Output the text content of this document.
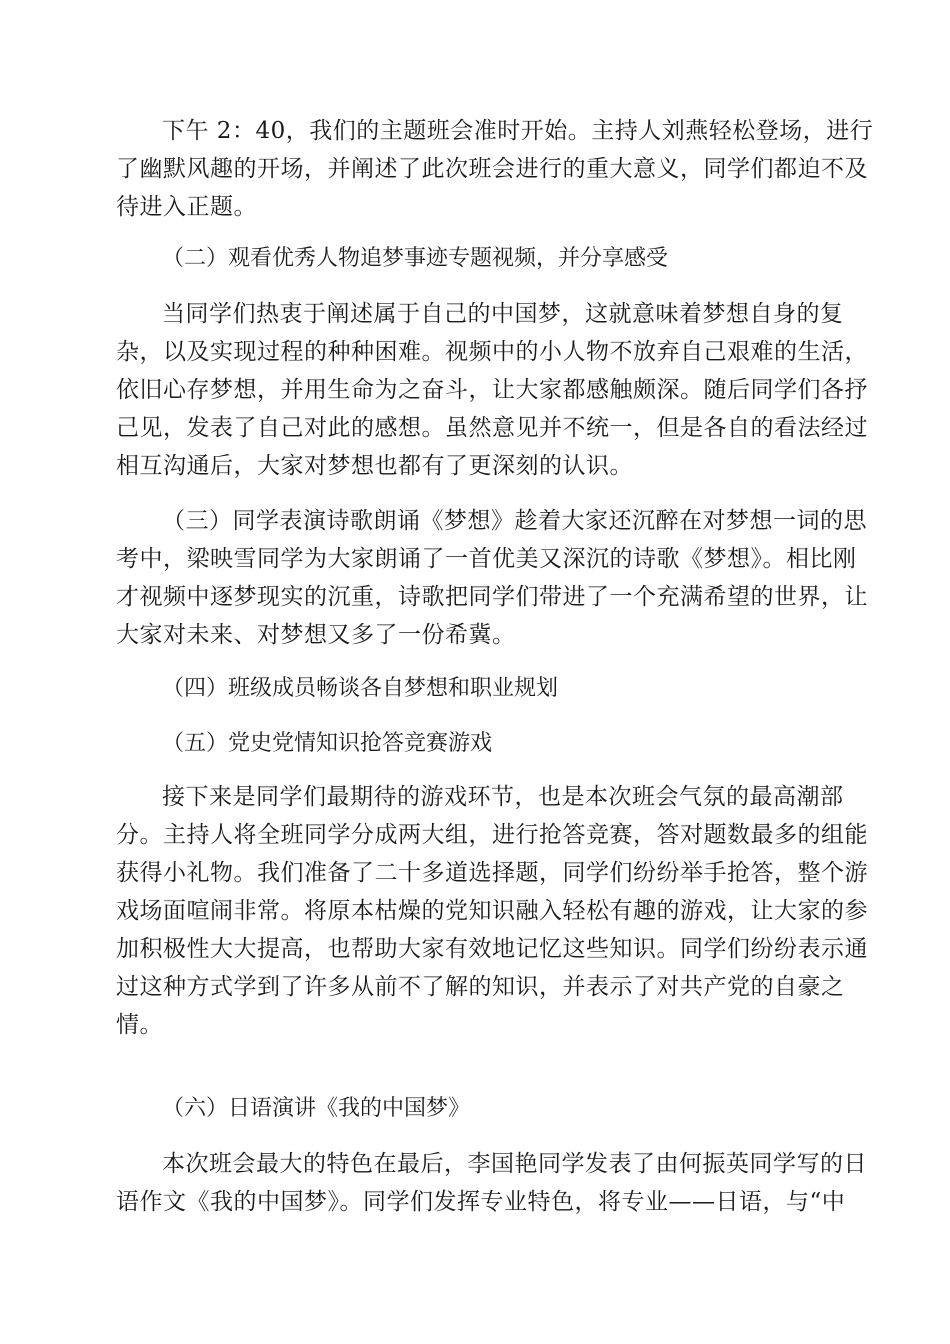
下午 2：40，我们的主题班会准时开始。主持人刘燕轻松登场，进行
了幽默风趣的开场，并阐述了此次班会进行的重大意义，同学们都迫不及
待进入正题。
（二）观看优秀人物追梦事迹专题视频，并分享感受
当同学们热衷于阐述属于自己的中国梦，这就意味着梦想自身的复
杂，以及实现过程的种种困难。视频中的小人物不放弃自己艰难的生活，
依旧心存梦想，并用生命为之奋斗，让大家都感触颇深。随后同学们各抒
己见，发表了自己对此的感想。虽然意见并不统一，但是各自的看法经过
相互沟通后，大家对梦想也都有了更深刻的认识。
（三）同学表演诗歌朗诵《梦想》趁着大家还沉醉在对梦想一词的思
考中，梁映雪同学为大家朗诵了一首优美又深沉的诗歌《梦想》。相比刚
才视频中逐梦现实的沉重，诗歌把同学们带进了一个充满希望的世界，让
大家对未来、对梦想又多了一份希冀。
（四）班级成员畅谈各自梦想和职业规划
（五）党史党情知识抢答竞赛游戏
接下来是同学们最期待的游戏环节，也是本次班会气氛的最高潮部
分。主持人将全班同学分成两大组，进行抢答竞赛，答对题数最多的组能
获得小礼物。我们准备了二十多道选择题，同学们纷纷举手抢答，整个游
戏场面喧闹非常。将原本枯燥的党知识融入轻松有趣的游戏，让大家的参
加积极性大大提高，也帮助大家有效地记忆这些知识。同学们纷纷表示通
过这种方式学到了许多从前不了解的知识，并表示了对共产党的自豪之
情。
（六）日语演讲《我的中国梦》
本次班会最大的特色在最后，李国艳同学发表了由何振英同学写的日
语作文《我的中国梦》。同学们发挥专业特色，将专业——日语，与“中
